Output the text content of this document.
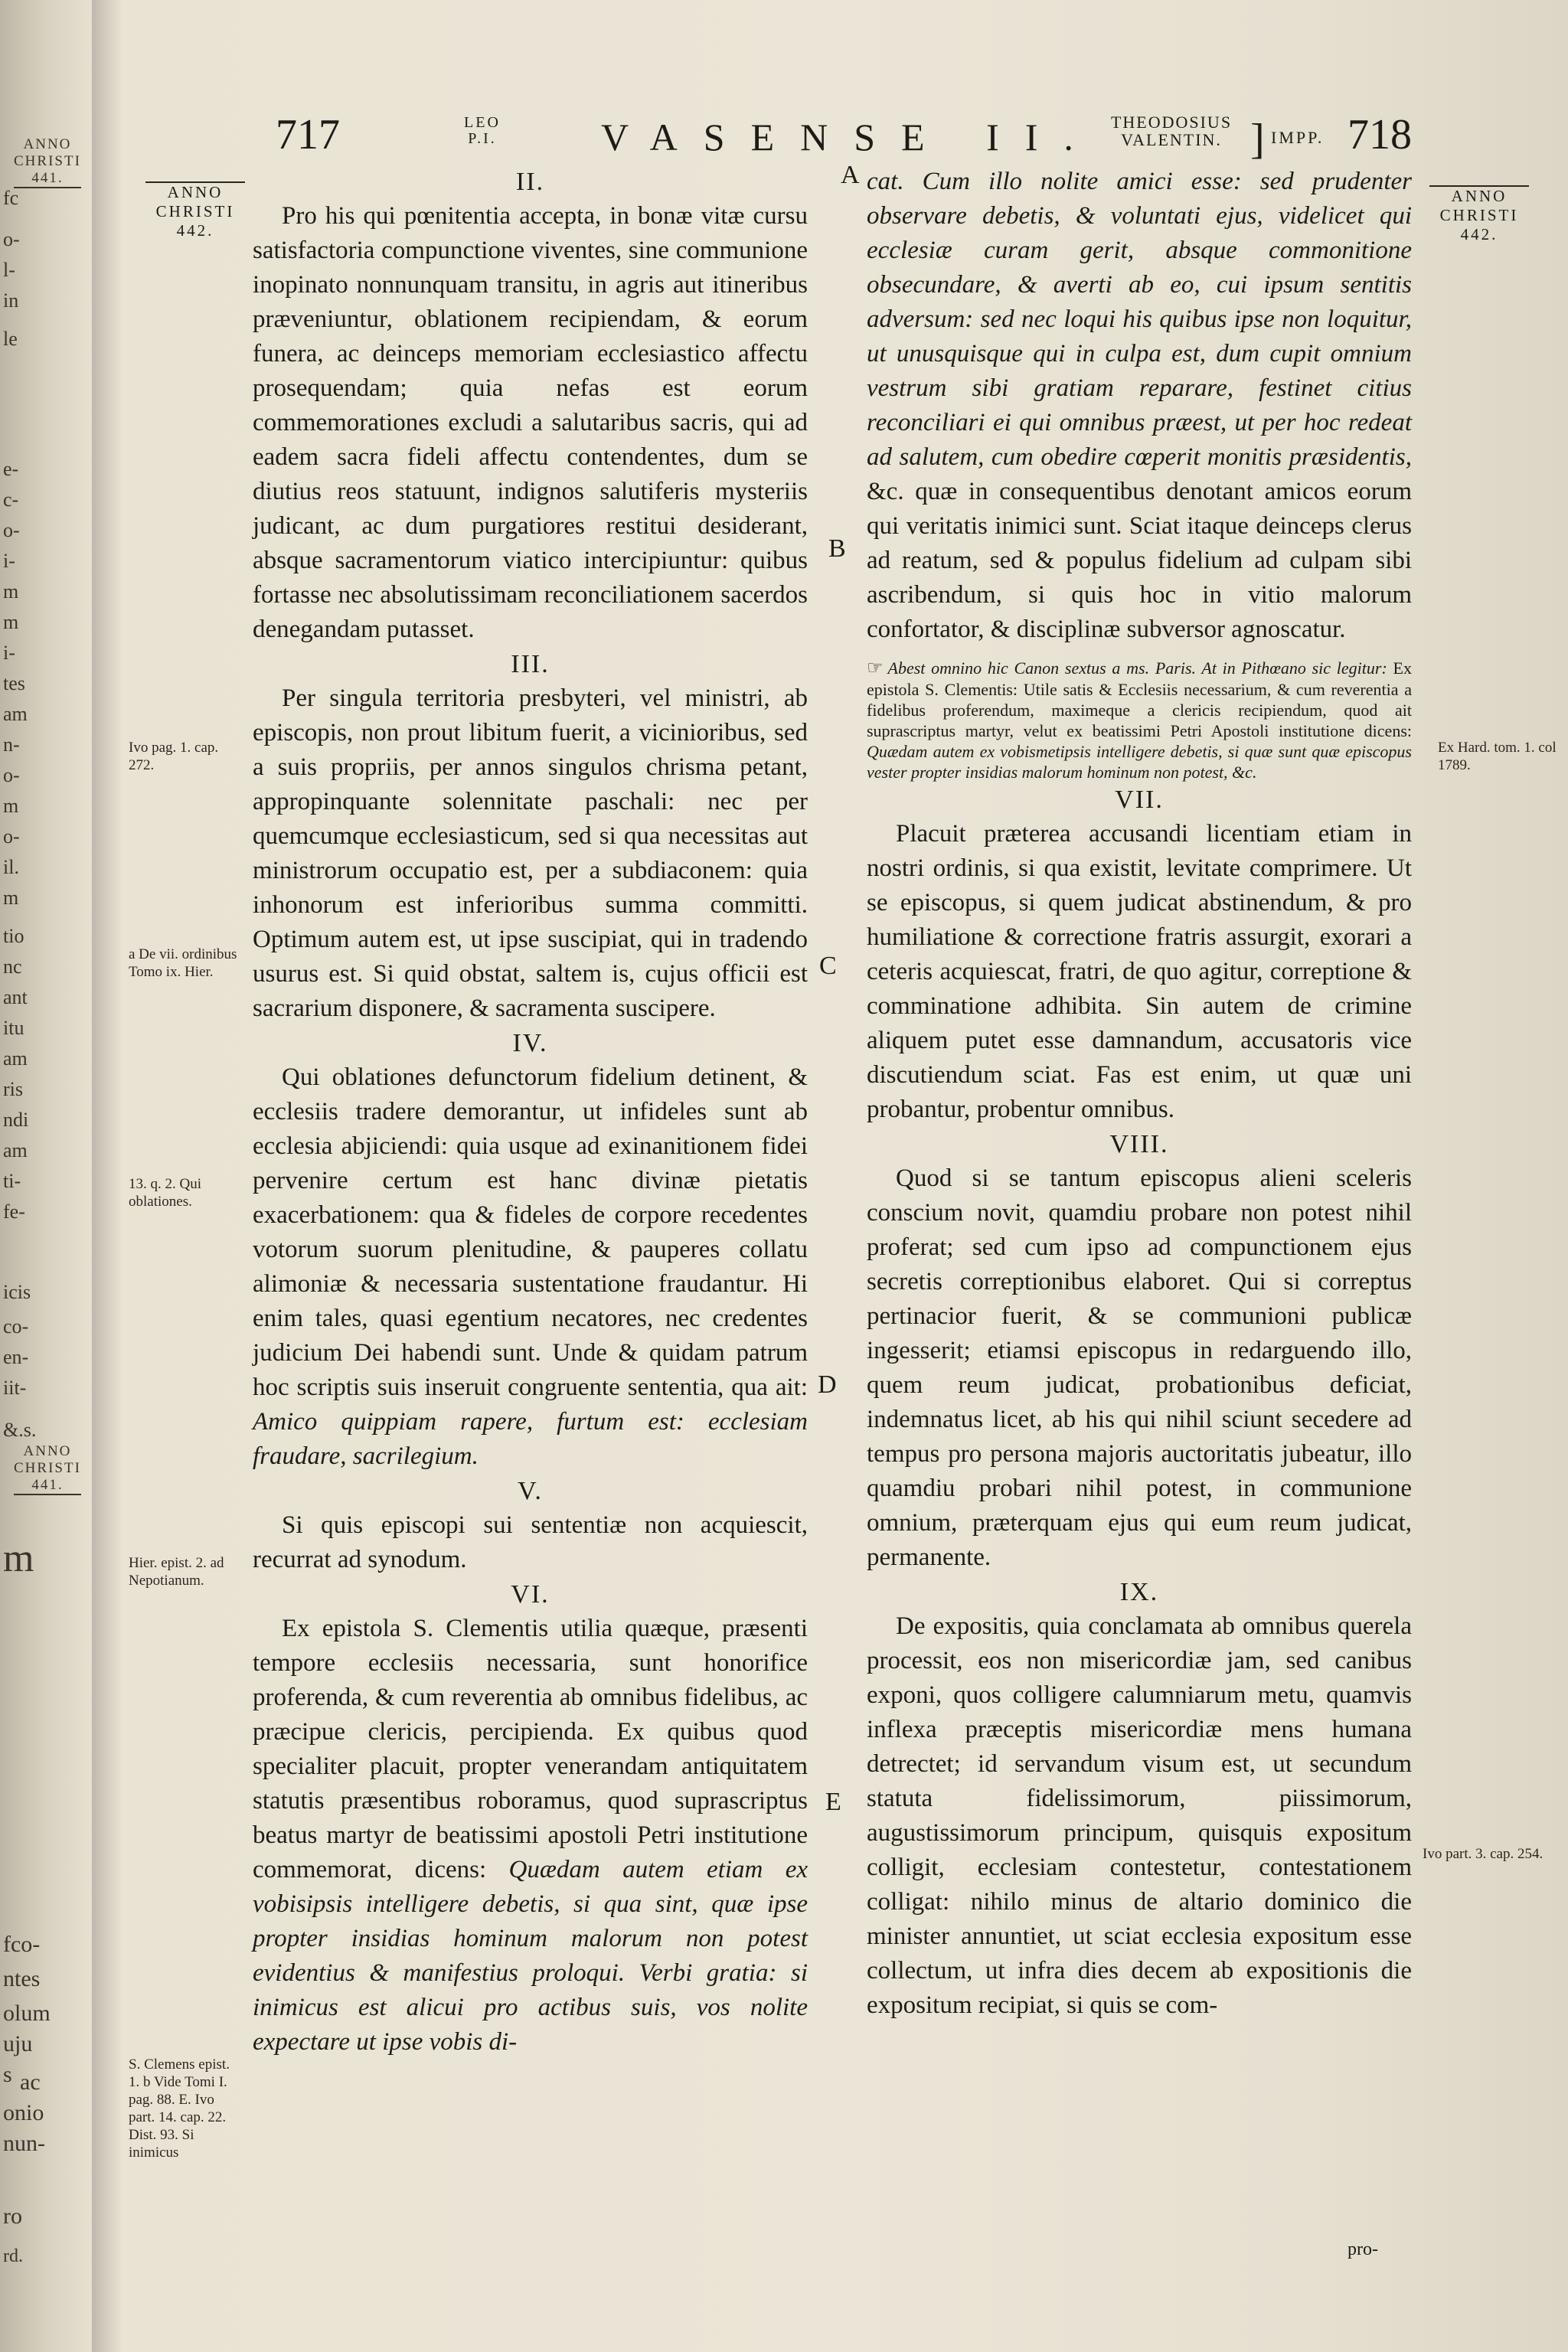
ANNO
CHRISTI
441.
fc
o-
l-
in
le
e-
c-
o-
i-
m
m
i-
tes
am
n-
o-
m
o-
il.
m
tio
nc
ant
itu
am
ris
ndi
am
ti-
fe-
icis
co-
en-
iit-
&.s.
ANNO
CHRISTI
441.
m
fco-
ntes
olum
uju
s ac
onio
nun-
ro
rd.
717	LEO
P.I.	VASENSE II. THEODOSIUS
VALENTIN. ] IMPP. 718
ANNO
CHRISTI
442.
ANNO
CHRISTI
442.
Ivo pag. 1. cap. 272.
a De vii. ordinibus Tomo ix. Hier.
13. q. 2. Qui oblationes.
Hier. epist. 2. ad Nepotianum.
S. Clemens epist. 1. b Vide Tomi I. pag. 88. E. Ivo part. 14. cap. 22. Dist. 93. Si inimicus
Ex Hard. tom. 1. col 1789.
Ivo part. 3. cap. 254.
A
B
C
D
E

II.

Pro his qui pœnitentia accepta, in bonæ vitæ cursu satisfactoria compunctione viventes, sine communione inopinato nonnunquam transitu, in agris aut itineribus præveniuntur, oblationem recipiendam, & eorum funera, ac deinceps memoriam ecclesiastico affectu prosequendam; quia nefas est eorum commemorationes excludi a salutaribus sacris, qui ad eadem sacra fideli affectu contendentes, dum se diutius reos statuunt, indignos salutiferis mysteriis judicant, ac dum purgatiores restitui desiderant, absque sacramentorum viatico intercipiuntur: quibus fortasse nec absolutissimam reconciliationem sacerdos denegandam putasset.

III.

Per singula territoria presbyteri, vel ministri, ab episcopis, non prout libitum fuerit, a vicinioribus, sed a suis propriis, per annos singulos chrisma petant, appropinquante solennitate paschali: nec per quemcumque ecclesiasticum, sed si qua necessitas aut ministrorum occupatio est, per a subdiaconem: quia inhonorum est inferioribus summa committi. Optimum autem est, ut ipse suscipiat, qui in tradendo usurus est. Si quid obstat, saltem is, cujus officii est sacrarium disponere, & sacramenta suscipere.

IV.

Qui oblationes defunctorum fidelium detinent, & ecclesiis tradere demorantur, ut infideles sunt ab ecclesia abjiciendi: quia usque ad exinanitionem fidei pervenire certum est hanc divinæ pietatis exacerbationem: qua & fideles de corpore recedentes votorum suorum plenitudine, & pauperes collatu alimoniæ & necessaria sustentatione fraudantur. Hi enim tales, quasi egentium necatores, nec credentes judicium Dei habendi sunt. Unde & quidam patrum hoc scriptis suis inseruit congruente sententia, qua ait: Amico quippiam rapere, furtum est: ecclesiam fraudare, sacrilegium.

V.

Si quis episcopi sui sententiæ non acquiescit, recurrat ad synodum.

VI.

Ex epistola S. Clementis utilia quæque, præsenti tempore ecclesiis necessaria, sunt honorifice proferenda, & cum reverentia ab omnibus fidelibus, ac præcipue clericis, percipienda. Ex quibus quod specialiter placuit, propter venerandam antiquitatem statutis præsentibus roboramus, quod suprascriptus beatus martyr de beatissimi apostoli Petri institutione commemorat, dicens: Quædam autem etiam ex vobisipsis intelligere debetis, si qua sint, quæ ipse propter insidias hominum malorum non potest evidentius & manifestius proloqui. Verbi gratia: si inimicus est alicui pro actibus suis, vos nolite expectare ut ipse vobis di-

cat. Cum illo nolite amici esse: sed prudenter observare debetis, & voluntati ejus, videlicet qui ecclesiæ curam gerit, absque commonitione obsecundare, & averti ab eo, cui ipsum sentitis adversum: sed nec loqui his quibus ipse non loquitur, ut unusquisque qui in culpa est, dum cupit omnium vestrum sibi gratiam reparare, festinet citius reconciliari ei qui omnibus præest, ut per hoc redeat ad salutem, cum obedire cœperit monitis præsidentis, &c. quæ in consequentibus denotant amicos eorum qui veritatis inimici sunt. Sciat itaque deinceps clerus ad reatum, sed & populus fidelium ad culpam sibi ascribendum, si quis hoc in vitio malorum confortator, & disciplinæ subversor agnoscatur.

☞ Abest omnino hic Canon sextus a ms. Paris. At in Pithœano sic legitur: Ex epistola S. Clementis: Utile satis & Ecclesiis necessarium, & cum reverentia a fidelibus proferendum, maximeque a clericis recipiendum, quod ait suprascriptus martyr, velut ex beatissimi Petri Apostoli institutione dicens: Quædam autem ex vobismetipsis intelligere debetis, si quæ sunt quæ episcopus vester propter insidias malorum hominum non potest, &c.

VII.

Placuit præterea accusandi licentiam etiam in nostri ordinis, si qua existit, levitate comprimere. Ut se episcopus, si quem judicat abstinendum, & pro humiliatione & correctione fratris assurgit, exorari a ceteris acquiescat, fratri, de quo agitur, correptione & comminatione adhibita. Sin autem de crimine aliquem putet esse damnandum, accusatoris vice discutiendum sciat. Fas est enim, ut quæ uni probantur, probentur omnibus.

VIII.

Quod si se tantum episcopus alieni sceleris conscium novit, quamdiu probare non potest nihil proferat; sed cum ipso ad compunctionem ejus secretis correptionibus elaboret. Qui si correptus pertinacior fuerit, & se communioni publicæ ingesserit; etiamsi episcopus in redarguendo illo, quem reum judicat, probationibus deficiat, indemnatus licet, ab his qui nihil sciunt secedere ad tempus pro persona majoris auctoritatis jubeatur, illo quamdiu probari nihil potest, in communione omnium, præterquam ejus qui eum reum judicat, permanente.

IX.

De expositis, quia conclamata ab omnibus querela processit, eos non misericordiæ jam, sed canibus exponi, quos colligere calumniarum metu, quamvis inflexa præceptis misericordiæ mens humana detrectet; id servandum visum est, ut secundum statuta fidelissimorum, piissimorum, augustissimorum principum, quisquis expositum colligit, ecclesiam contestetur, contestationem colligat: nihilo minus de altario dominico die minister annuntiet, ut sciat ecclesia expositum esse collectum, ut infra dies decem ab expositionis die expositum recipiat, si quis se com-

pro-
